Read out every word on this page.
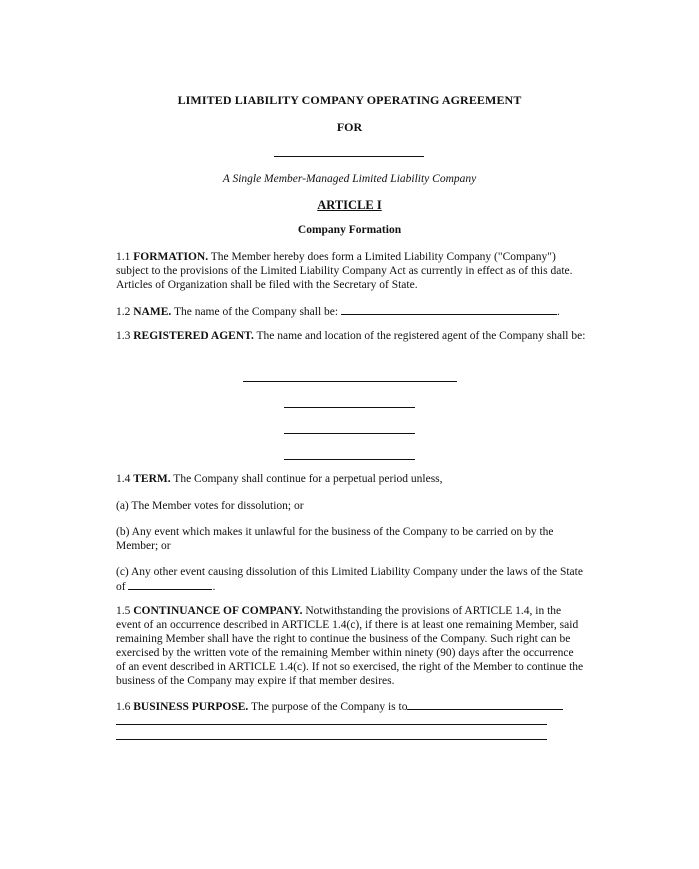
LIMITED LIABILITY COMPANY OPERATING AGREEMENT
FOR
A Single Member-Managed Limited Liability Company
ARTICLE I
Company Formation
1.1 FORMATION. The Member hereby does form a Limited Liability Company ("Company") subject to the provisions of the Limited Liability Company Act as currently in effect as of this date. Articles of Organization shall be filed with the Secretary of State.
1.2 NAME. The name of the Company shall be:	.
1.3 REGISTERED AGENT. The name and location of the registered agent of the Company shall be:
1.4 TERM. The Company shall continue for a perpetual period unless,
(a) The Member votes for dissolution; or
(b) Any event which makes it unlawful for the business of the Company to be carried on by the Member; or
(c) Any other event causing dissolution of this Limited Liability Company under the laws of the State of	.
1.5 CONTINUANCE OF COMPANY. Notwithstanding the provisions of ARTICLE 1.4, in the event of an occurrence described in ARTICLE 1.4(c), if there is at least one remaining Member, said remaining Member shall have the right to continue the business of the Company. Such right can be exercised by the written vote of the remaining Member within ninety (90) days after the occurrence of an event described in ARTICLE 1.4(c). If not so exercised, the right of the Member to continue the business of the Company may expire if that member desires.
1.6 BUSINESS PURPOSE. The purpose of the Company is to
